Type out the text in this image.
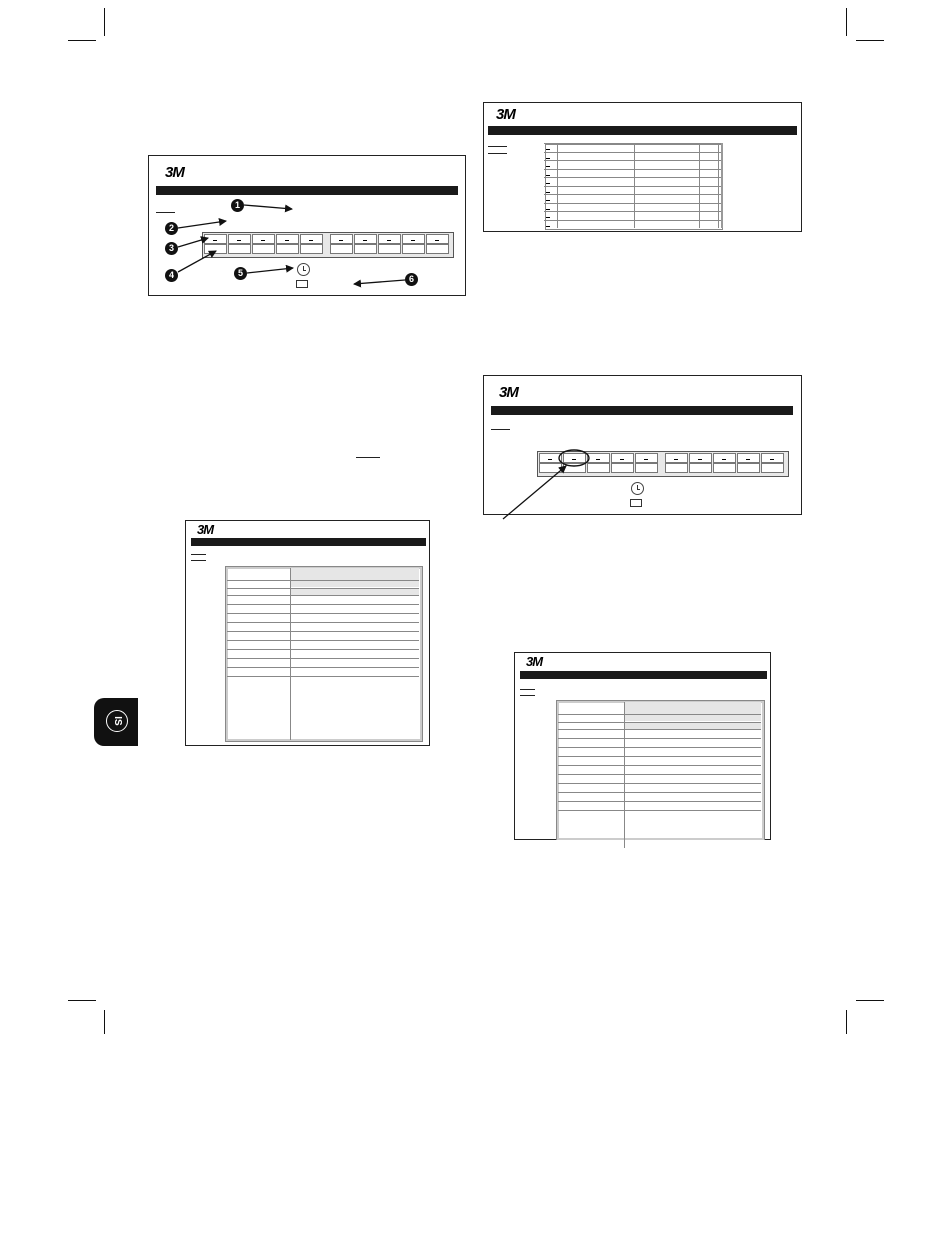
3M
1
2
3
4	5
6
3M
3M
3M
3M
IS
